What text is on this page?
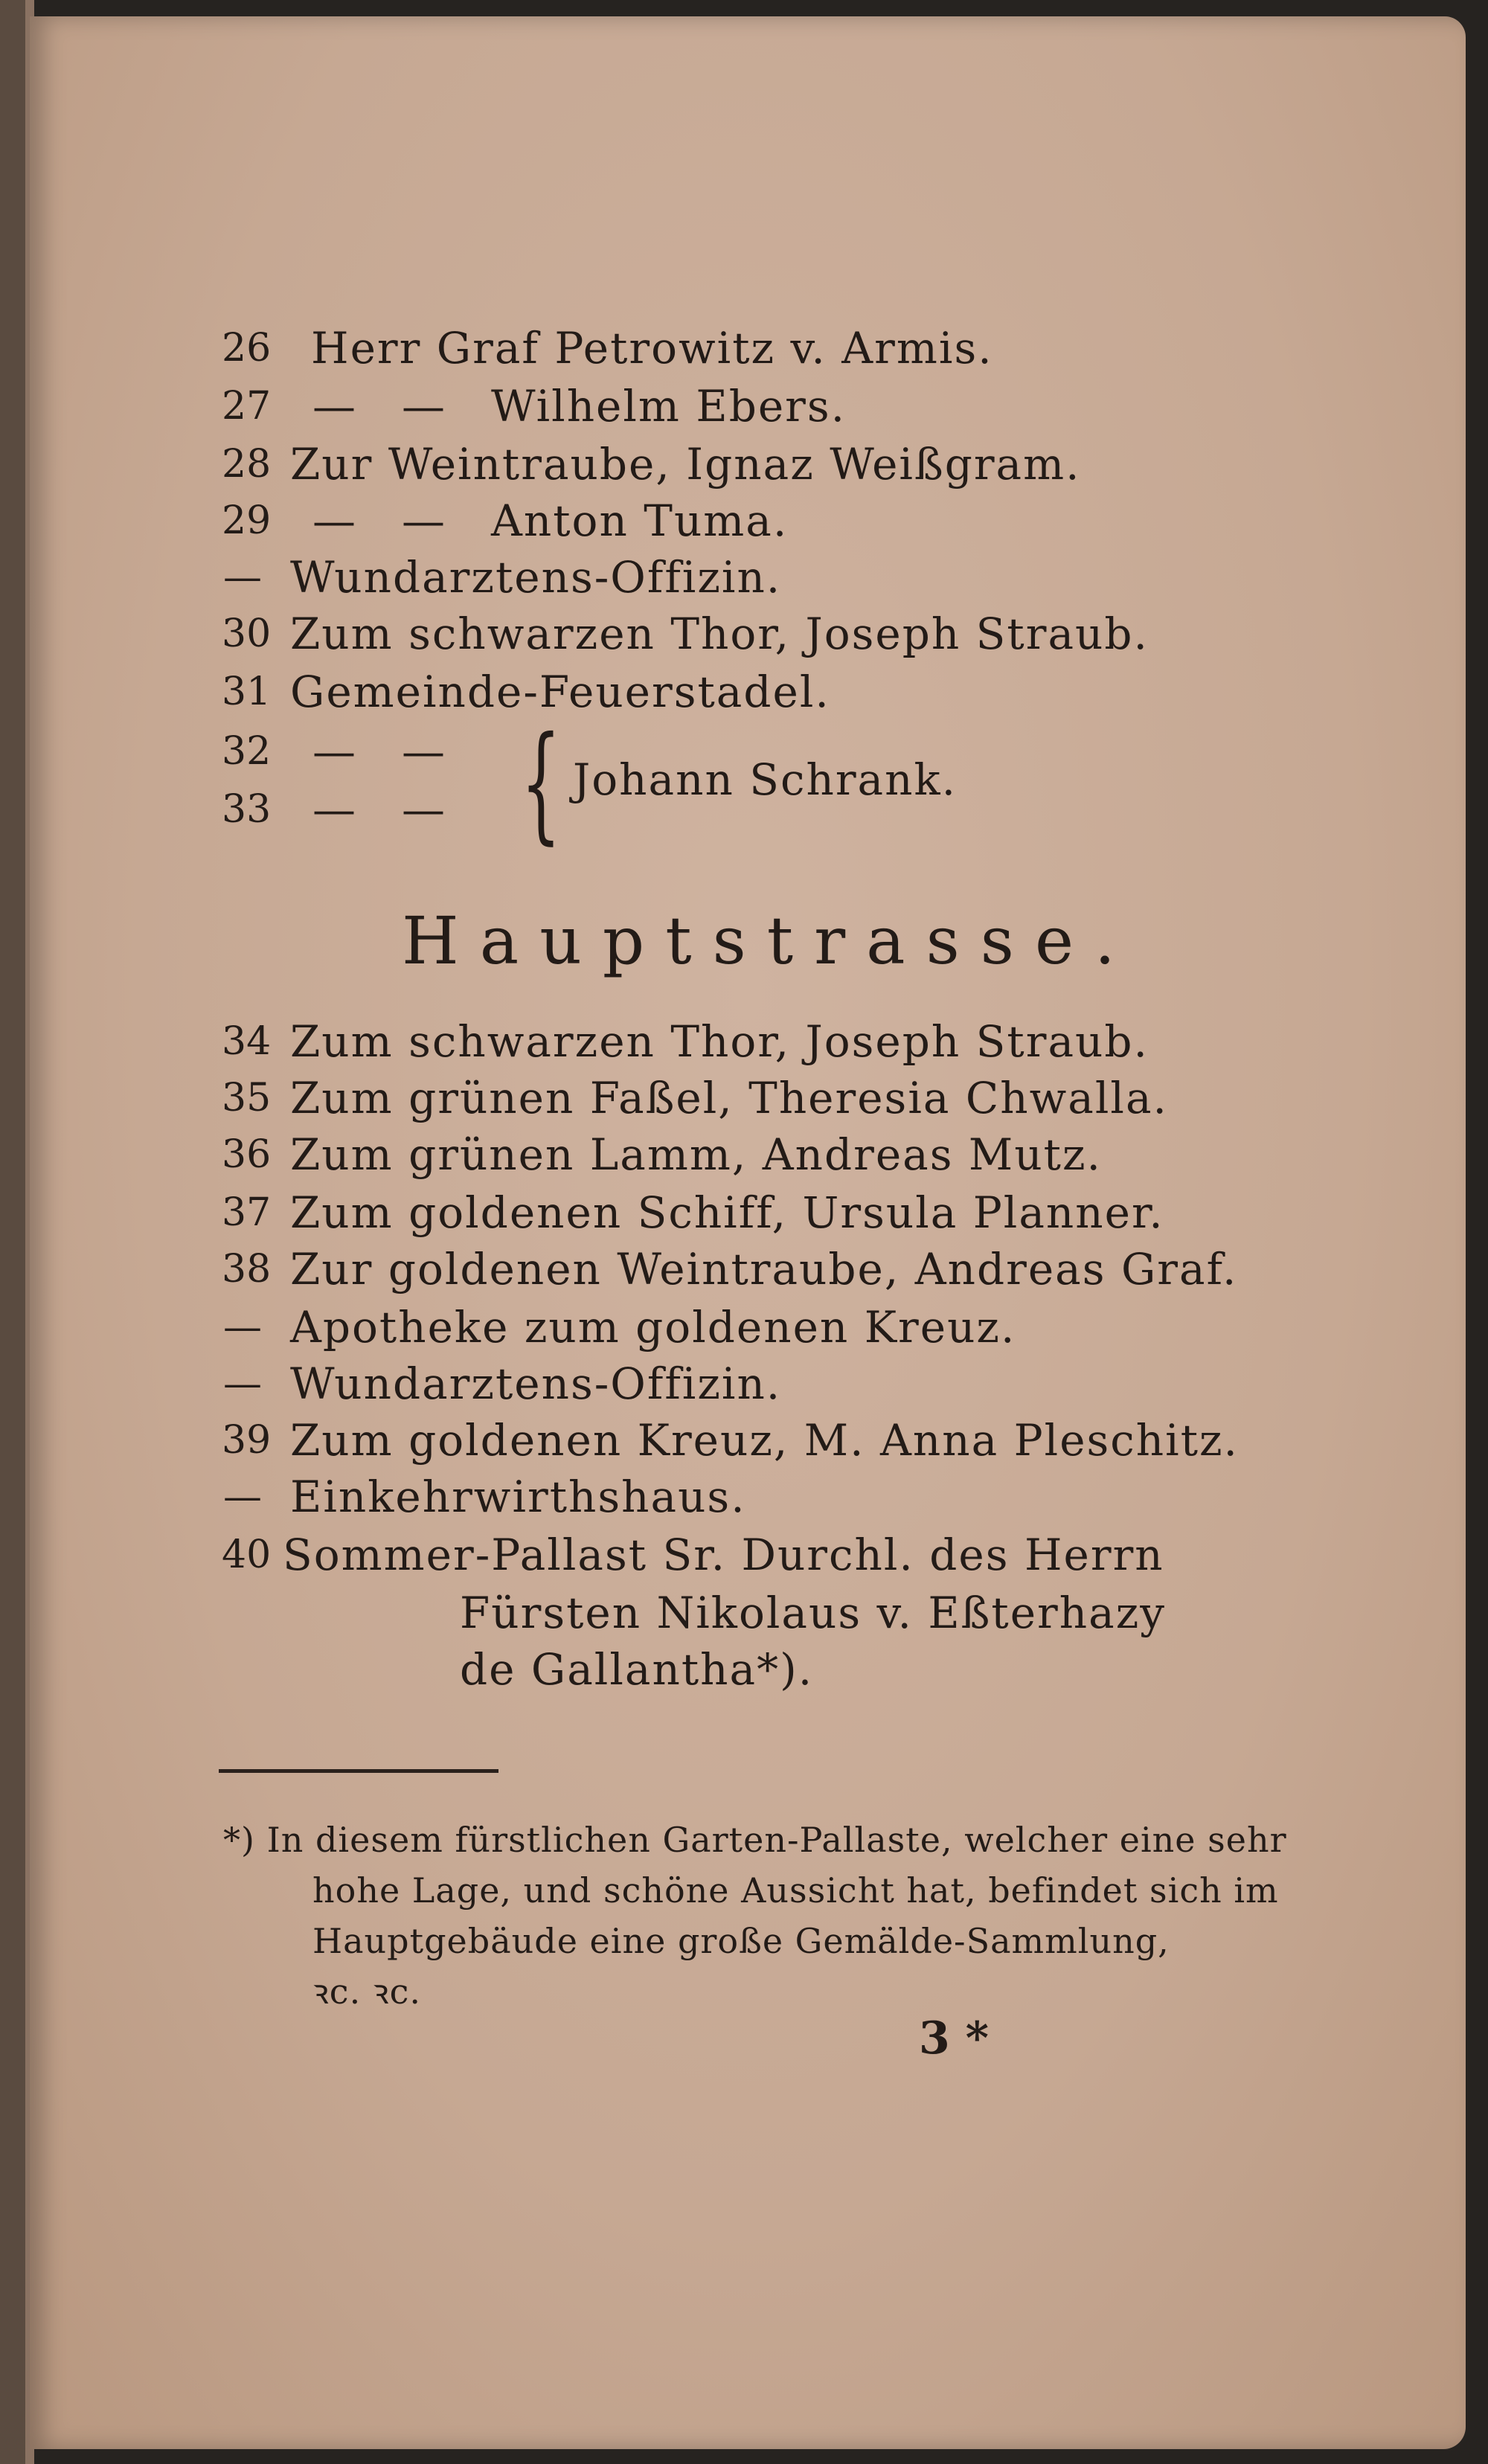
26 Herr Graf Petrowitz v. Armis.
27 — — Wilhelm Ebers.
28 Zur Weintraube, Ignaz Weißgram.
29 — — Anton Tuma.
— Wundarztens-Offizin.
30 Zum schwarzen Thor, Joseph Straub.
31 Gemeinde-Feuerstadel.
32 — —
33 — — { Johann Schrank.
Hauptstrasse.
34 Zum schwarzen Thor, Joseph Straub.
35 Zum grünen Faßel, Theresia Chwalla.
36 Zum grünen Lamm, Andreas Mutz.
37 Zum goldenen Schiff, Ursula Planner.
38 Zur goldenen Weintraube, Andreas Graf.
— Apotheke zum goldenen Kreuz.
— Wundarztens-Offizin.
39 Zum goldenen Kreuz, M. Anna Pleschitz.
— Einkehrwirthshaus.
40 Sommer-Pallast Sr. Durchl. des Herrn
Fürsten Nikolaus v. Eßterhazy
de Gallantha*).
*) In diesem fürstlichen Garten-Pallaste, welcher eine sehr
hohe Lage, und schöne Aussicht hat, befindet sich im
Hauptgebäude eine große Gemälde-Sammlung,
ꝛc. ꝛc.
3 *
